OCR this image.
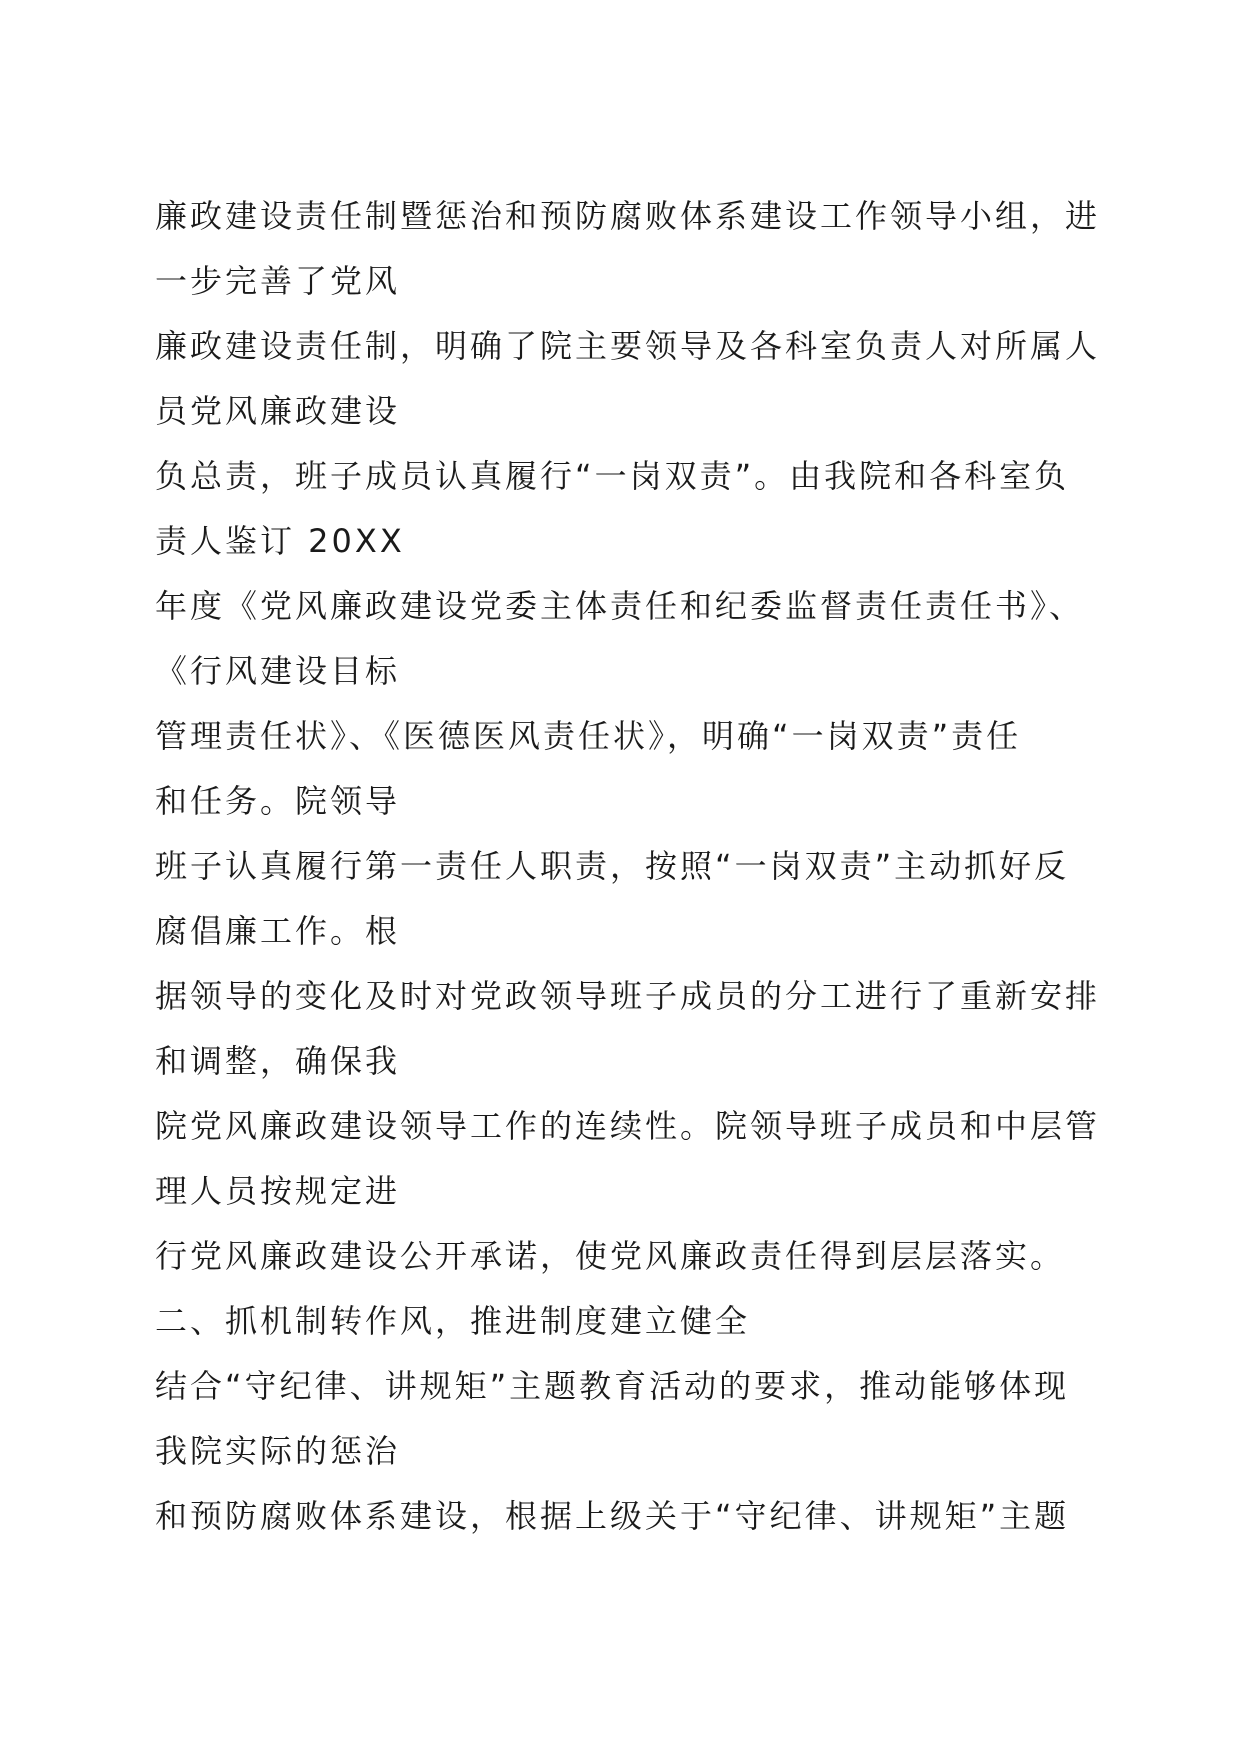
廉政建设责任制暨惩治和预防腐败体系建设工作领导小组，进
一步完善了党风
廉政建设责任制，明确了院主要领导及各科室负责人对所属人
员党风廉政建设
负总责，班子成员认真履行“一岗双责”。由我院和各科室负
责人鉴订 20XX
年度《党风廉政建设党委主体责任和纪委监督责任责任书》、
《行风建设目标
管理责任状》、《医德医风责任状》，明确“一岗双责”责任
和任务。院领导
班子认真履行第一责任人职责，按照“一岗双责”主动抓好反
腐倡廉工作。根
据领导的变化及时对党政领导班子成员的分工进行了重新安排
和调整，确保我
院党风廉政建设领导工作的连续性。院领导班子成员和中层管
理人员按规定进
行党风廉政建设公开承诺，使党风廉政责任得到层层落实。
二、抓机制转作风，推进制度建立健全
结合“守纪律、讲规矩”主题教育活动的要求，推动能够体现
我院实际的惩治
和预防腐败体系建设，根据上级关于“守纪律、讲规矩”主题
